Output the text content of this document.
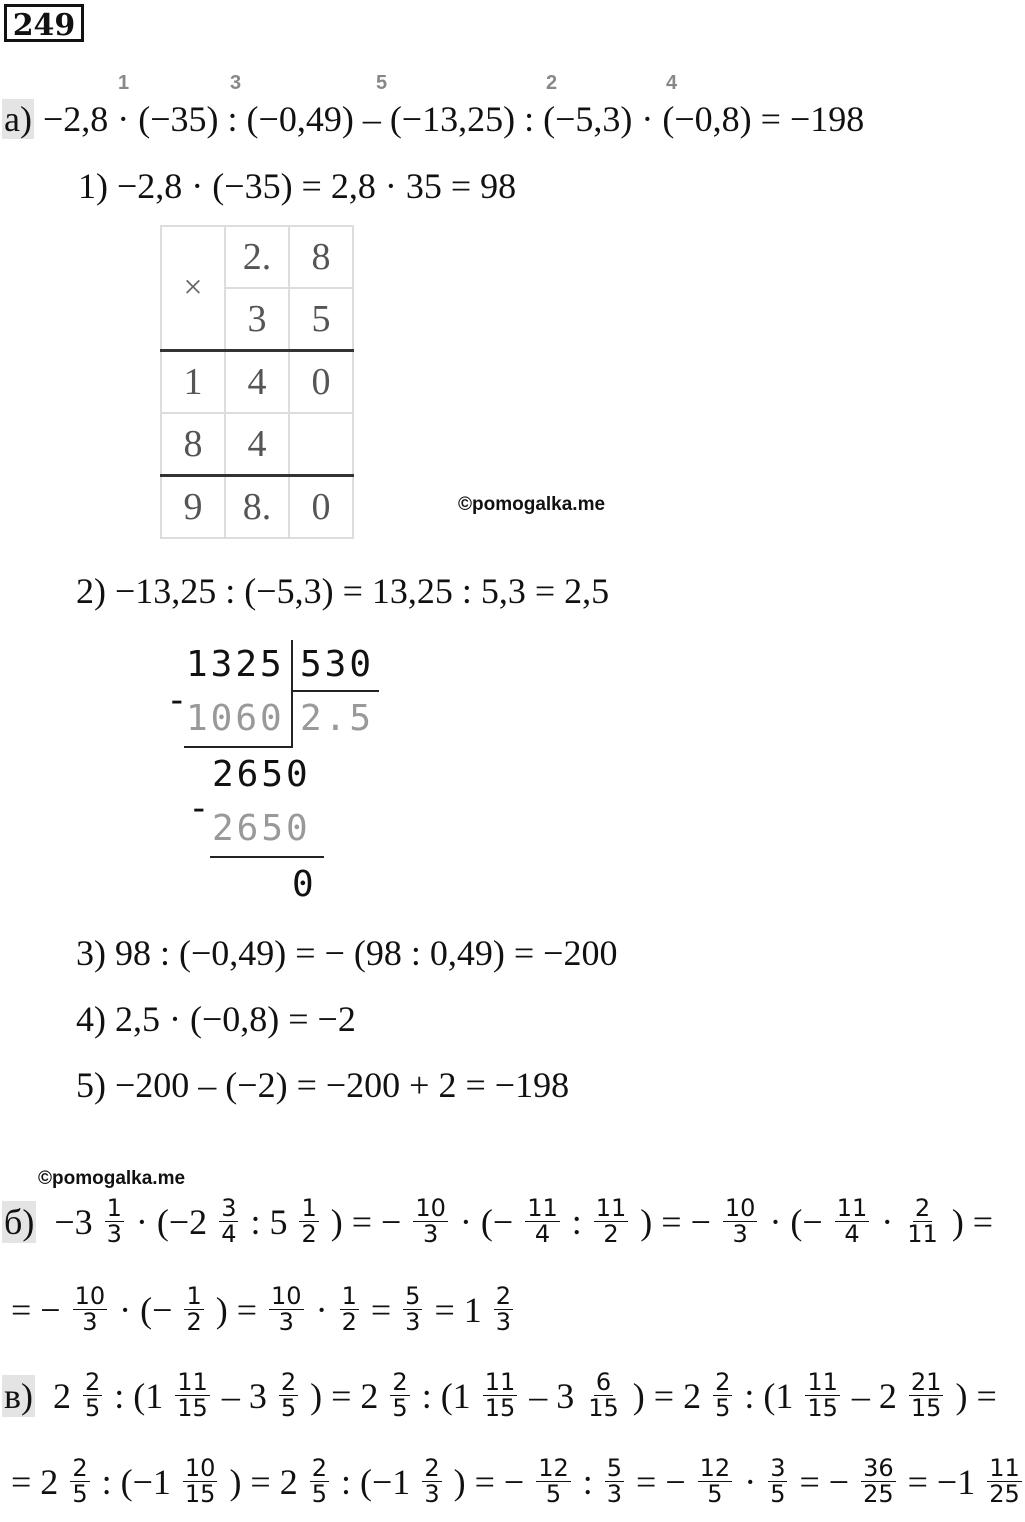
249
1	3	5	2	4
а) −2,8 · (−35) : (−0,49) – (−13,25) : (−5,3) · (−0,8) = −198
1) −2,8 · (−35) = 2,8 · 35 = 98
×	2.	8
	3	5
1	4	0
8	4	
9	8.	0	©pomogalka.me
2) −13,25 : (−5,3) = 13,25 : 5,3 = 2,5
1325 530
-
1060 2.5
2650
- 2650
0
3) 98 : (−0,49) = − (98 : 0,49) = −200
4) 2,5 · (−0,8) = −2
5) −200 – (−2) = −200 + 2 = −198
©pomogalka.me
$б) -3 \frac{1}{3} \cdot (-2 \frac{3}{4}$ : $5 \frac{1}{2}$ ) = − $\frac{10}{3}$ · (− $\frac{11}{4}$ : $\frac{11}{2}$ ) = − $\frac{10}{3}$ · (− $\frac{11}{4} \cdot \frac{2}{11}$ ) =
= − $\frac{10}{3}$ · (− $\frac{1}{2}$ ) = $\frac{10}{3} \cdot \frac{1}{2} = \frac{5}{3} = 1 \frac{2}{3}$
в) $2 \frac{2}{5}$ : ($1 \frac{11}{15} - 3 \frac{2}{5}$ ) = $2 \frac{2}{5}$ : ($1 \frac{11}{15} - 3 \frac{6}{15}$ ) = $2 \frac{2}{5}$ : ($1 \frac{11}{15} - 2 \frac{21}{15}$ ) =
= $2 \frac{2}{5}$ : ($-1 \frac{10}{15}$ ) = $2 \frac{2}{5}$ : ($-1 \frac{2}{3}$ ) = − $\frac{12}{5}$ : $\frac{5}{3}$ = − $\frac{12}{5} \cdot \frac{3}{5}$ = − $\frac{36}{25} = -1 \frac{11}{25}$
